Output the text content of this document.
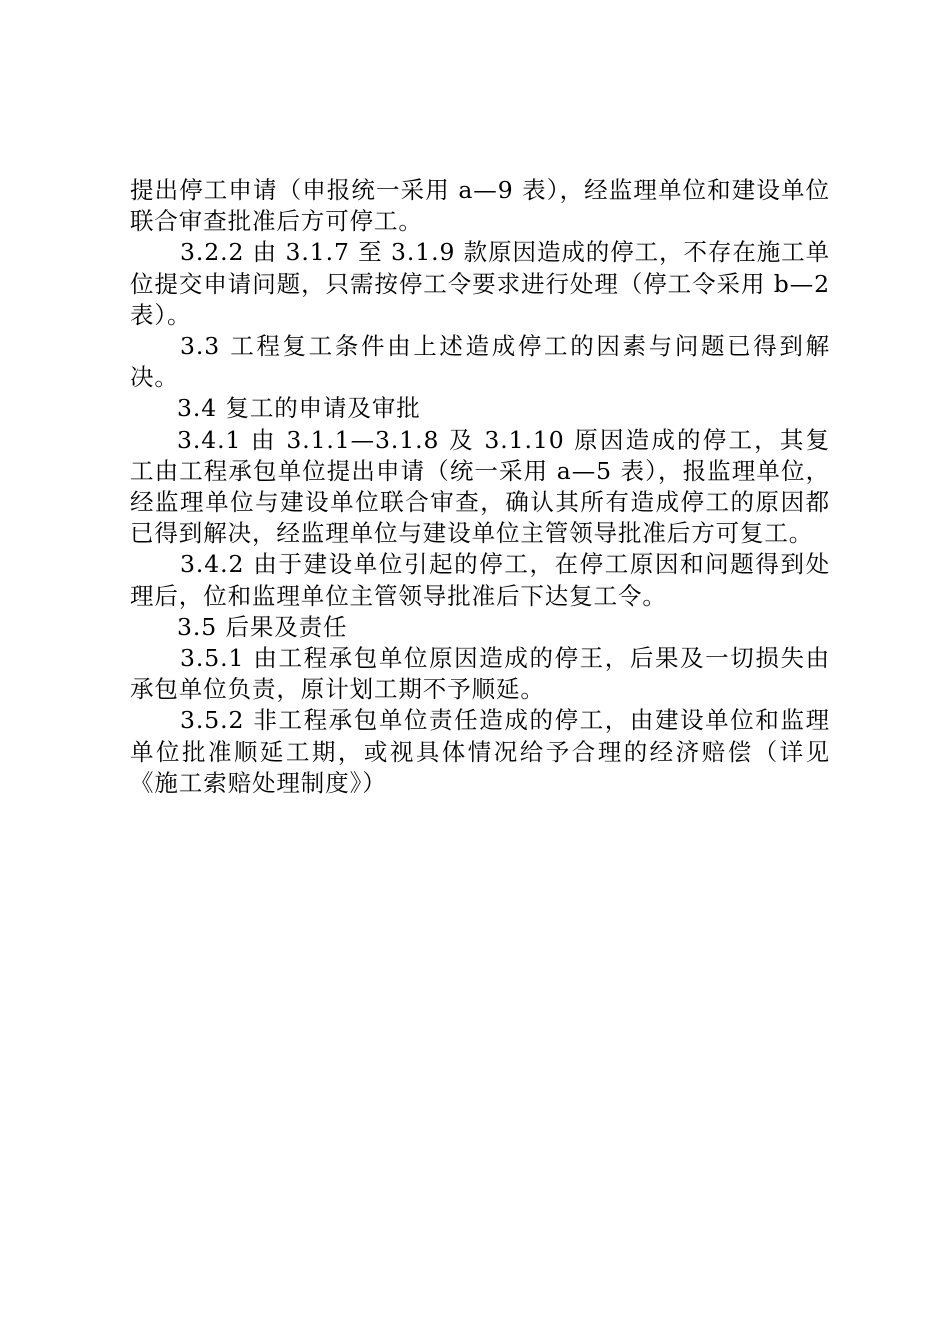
提出停工申请（申报统一采用 a—9 表），经监理单位和建设单位联合审查批准后方可停工。

3.2.2 由 3.1.7 至 3.1.9 款原因造成的停工，不存在施工单位提交申请问题，只需按停工令要求进行处理（停工令采用 b—2 表）。

3.3 工程复工条件由上述造成停工的因素与问题已得到解决。

3.4 复工的申请及审批

3.4.1 由 3.1.1—3.1.8 及 3.1.10 原因造成的停工，其复工由工程承包单位提出申请（统一采用 a—5 表），报监理单位，经监理单位与建设单位联合审查，确认其所有造成停工的原因都已得到解决，经监理单位与建设单位主管领导批准后方可复工。

3.4.2 由于建设单位引起的停工，在停工原因和问题得到处理后，位和监理单位主管领导批准后下达复工令。

3.5 后果及责任

3.5.1 由工程承包单位原因造成的停王，后果及一切损失由承包单位负责，原计划工期不予顺延。

3.5.2 非工程承包单位责任造成的停工，由建设单位和监理单位批准顺延工期，或视具体情况给予合理的经济赔偿（详见《施工索赔处理制度》）
